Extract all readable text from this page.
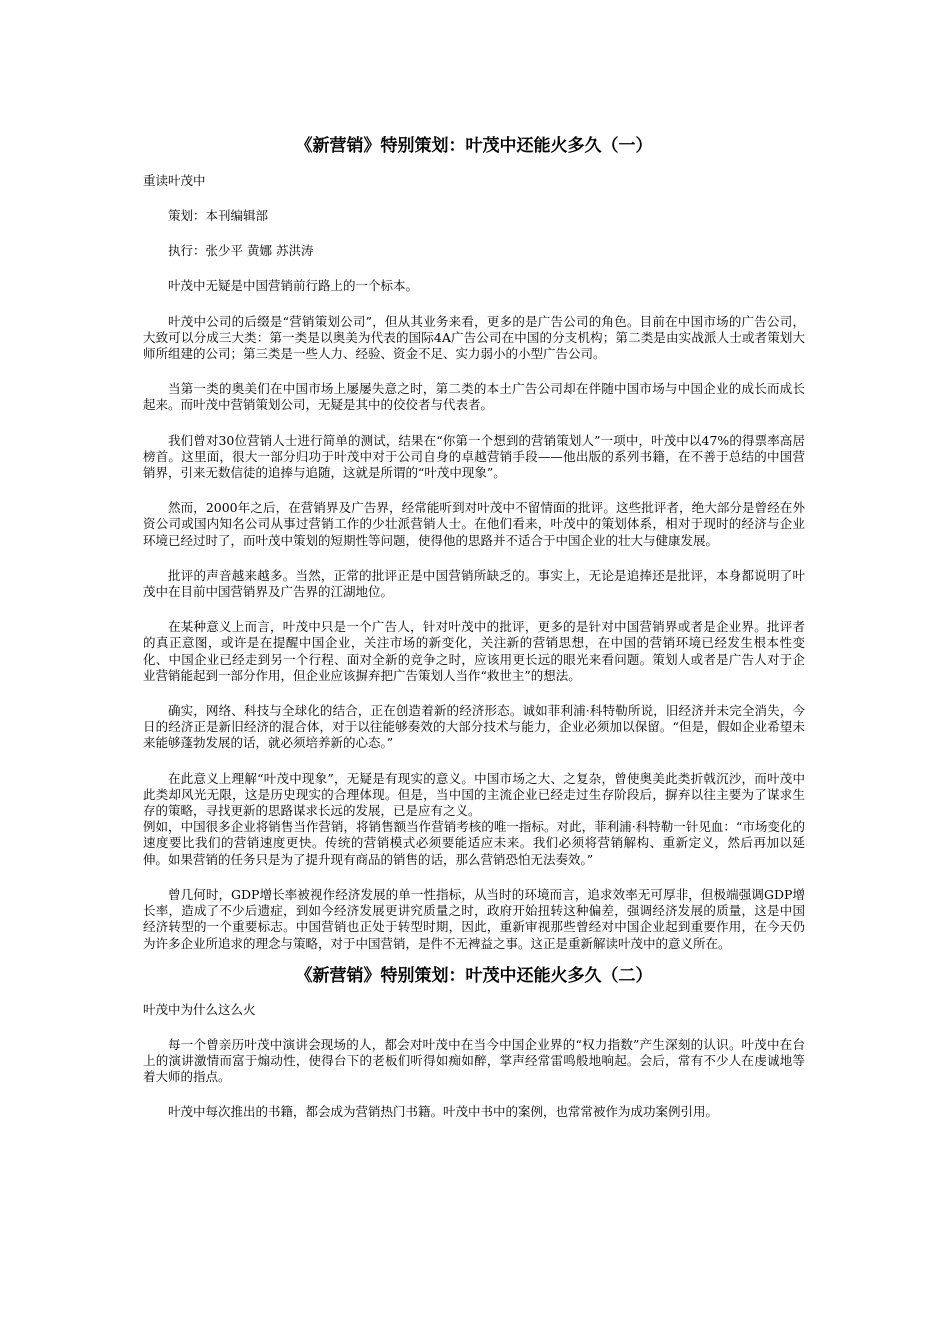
《新营销》特别策划：叶茂中还能火多久（一）

重读叶茂中

策划：本刊编辑部

执行：张少平 黄娜 苏洪涛

叶茂中无疑是中国营销前行路上的一个标本。

叶茂中公司的后缀是“营销策划公司”，但从其业务来看，更多的是广告公司的角色。目前在中国市场的广告公司，大致可以分成三大类：第一类是以奥美为代表的国际4A广告公司在中国的分支机构；第二类是由实战派人士或者策划大师所组建的公司；第三类是一些人力、经验、资金不足、实力弱小的小型广告公司。

当第一类的奥美们在中国市场上屡屡失意之时，第二类的本土广告公司却在伴随中国市场与中国企业的成长而成长起来。而叶茂中营销策划公司，无疑是其中的佼佼者与代表者。

我们曾对30位营销人士进行简单的测试，结果在“你第一个想到的营销策划人”一项中，叶茂中以47%的得票率高居榜首。这里面，很大一部分归功于叶茂中对于公司自身的卓越营销手段——他出版的系列书籍，在不善于总结的中国营销界，引来无数信徒的追捧与追随，这就是所谓的“叶茂中现象”。

然而，2000年之后，在营销界及广告界，经常能听到对叶茂中不留情面的批评。这些批评者，绝大部分是曾经在外资公司或国内知名公司从事过营销工作的少壮派营销人士。在他们看来，叶茂中的策划体系，相对于现时的经济与企业环境已经过时了，而叶茂中策划的短期性等问题，使得他的思路并不适合于中国企业的壮大与健康发展。

批评的声音越来越多。当然，正常的批评正是中国营销所缺乏的。事实上，无论是追捧还是批评，本身都说明了叶茂中在目前中国营销界及广告界的江湖地位。

在某种意义上而言，叶茂中只是一个广告人，针对叶茂中的批评，更多的是针对中国营销界或者是企业界。批评者的真正意图，或许是在提醒中国企业，关注市场的新变化，关注新的营销思想，在中国的营销环境已经发生根本性变化、中国企业已经走到另一个行程、面对全新的竞争之时，应该用更长远的眼光来看问题。策划人或者是广告人对于企业营销能起到一部分作用，但企业应该摒弃把广告策划人当作“救世主”的想法。

确实，网络、科技与全球化的结合，正在创造着新的经济形态。诚如菲利浦·科特勒所说，旧经济并未完全消失，今日的经济正是新旧经济的混合体，对于以往能够奏效的大部分技术与能力，企业必须加以保留。“但是，假如企业希望未来能够蓬勃发展的话，就必须培养新的心态。”

在此意义上理解“叶茂中现象”，无疑是有现实的意义。中国市场之大、之复杂，曾使奥美此类折戟沉沙，而叶茂中此类却风光无限，这是历史现实的合理体现。但是，当中国的主流企业已经走过生存阶段后，摒弃以往主要为了谋求生存的策略，寻找更新的思路谋求长远的发展，已是应有之义。

例如，中国很多企业将销售当作营销，将销售额当作营销考核的唯一指标。对此，菲利浦·科特勒一针见血：“市场变化的速度要比我们的营销速度更快。传统的营销模式必须要能适应未来。我们必须将营销解构、重新定义，然后再加以延伸。如果营销的任务只是为了提升现有商品的销售的话，那么营销恐怕无法奏效。”

曾几何时，GDP增长率被视作经济发展的单一性指标，从当时的环境而言，追求效率无可厚非，但极端强调GDP增长率，造成了不少后遗症，到如今经济发展更讲究质量之时，政府开始扭转这种偏差，强调经济发展的质量，这是中国经济转型的一个重要标志。中国营销也正处于转型时期，因此，重新审视那些曾经对中国企业起到重要作用，在今天仍为许多企业所追求的理念与策略，对于中国营销，是件不无裨益之事。这正是重新解读叶茂中的意义所在。

《新营销》特别策划：叶茂中还能火多久（二）

叶茂中为什么这么火

每一个曾亲历叶茂中演讲会现场的人，都会对叶茂中在当今中国企业界的“权力指数”产生深刻的认识。叶茂中在台上的演讲激情而富于煽动性，使得台下的老板们听得如痴如醉，掌声经常雷鸣般地响起。会后，常有不少人在虔诚地等着大师的指点。

叶茂中每次推出的书籍，都会成为营销热门书籍。叶茂中书中的案例，也常常被作为成功案例引用。
